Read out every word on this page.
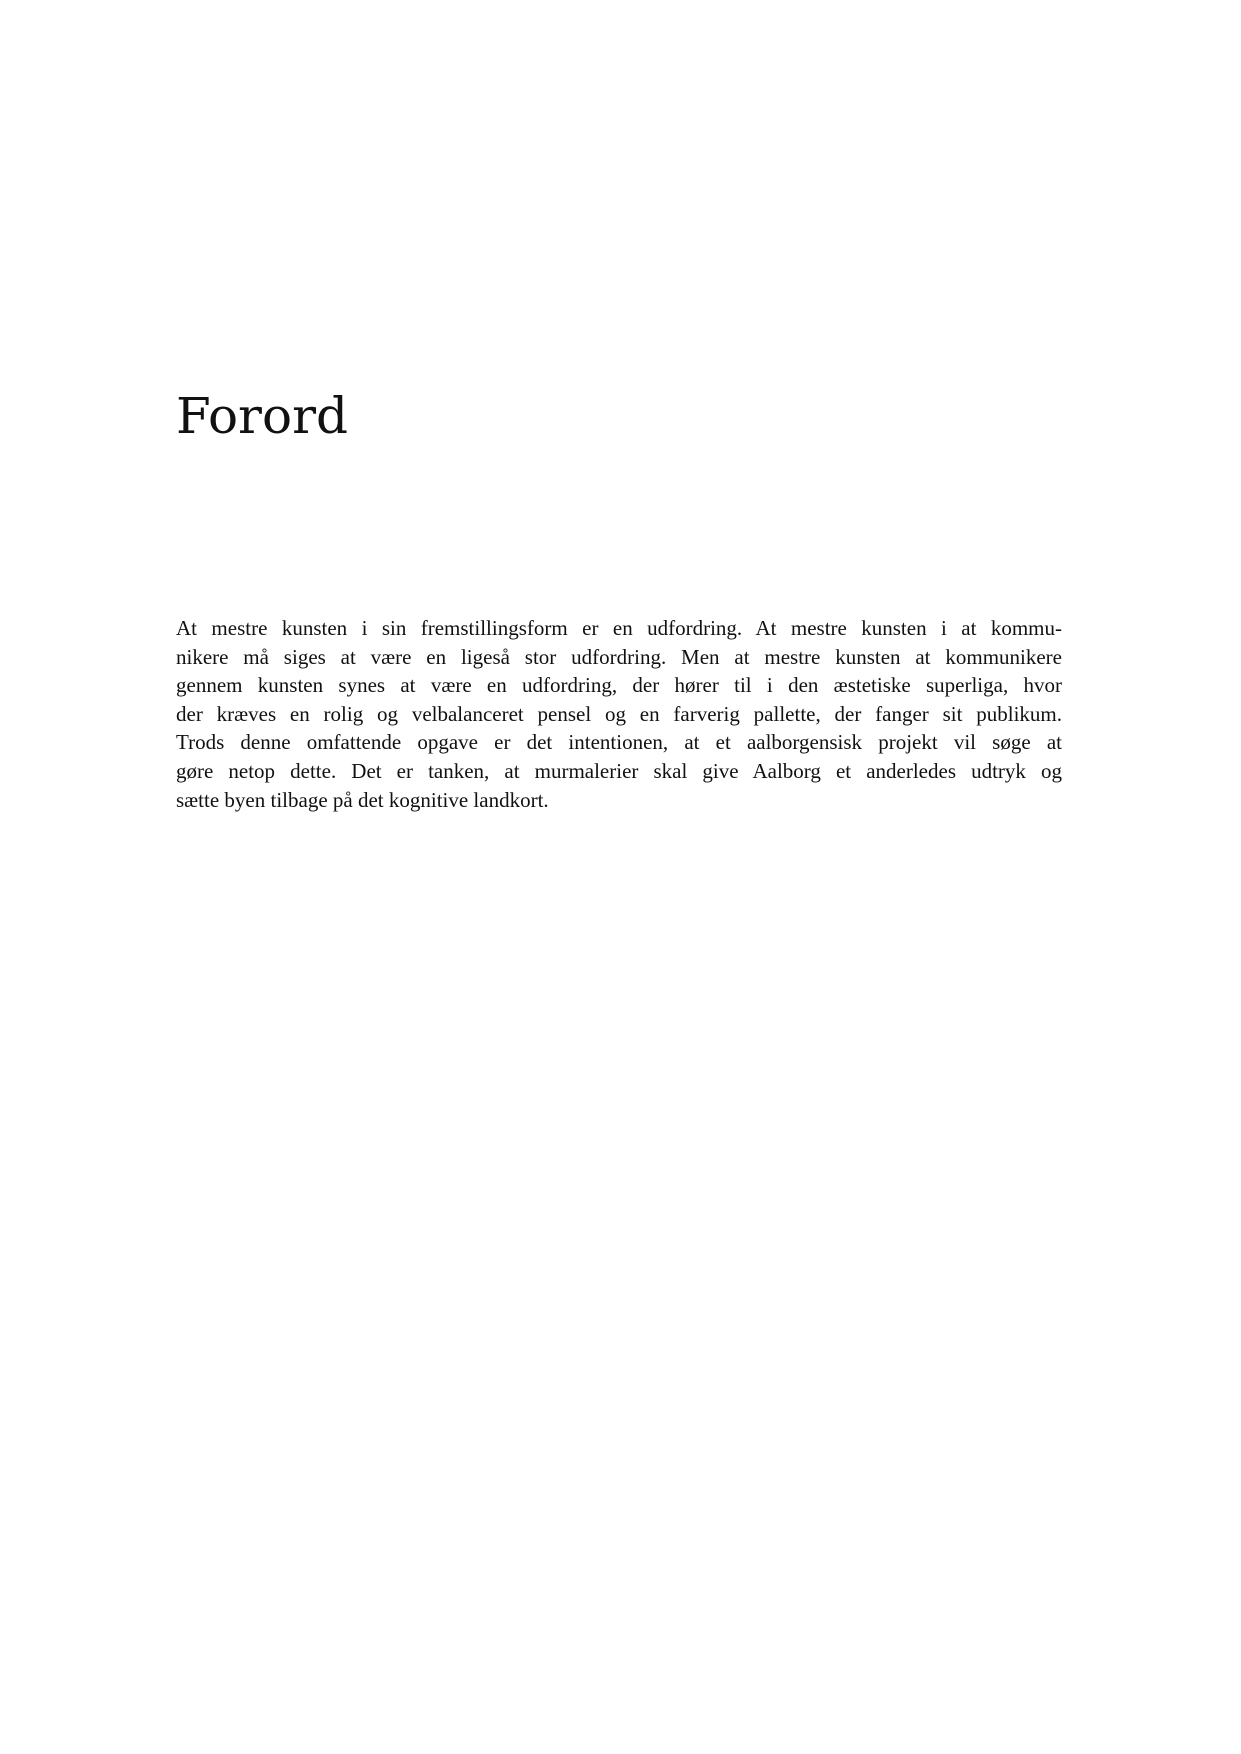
Forord
At mestre kunsten i sin fremstillingsform er en udfordring. At mestre kunsten i at kommu-
nikere må siges at være en ligeså stor udfordring. Men at mestre kunsten at kommunikere
gennem kunsten synes at være en udfordring, der hører til i den æstetiske superliga, hvor
der kræves en rolig og velbalanceret pensel og en farverig pallette, der fanger sit publikum.
Trods denne omfattende opgave er det intentionen, at et aalborgensisk projekt vil søge at
gøre netop dette. Det er tanken, at murmalerier skal give Aalborg et anderledes udtryk og
sætte byen tilbage på det kognitive landkort.
